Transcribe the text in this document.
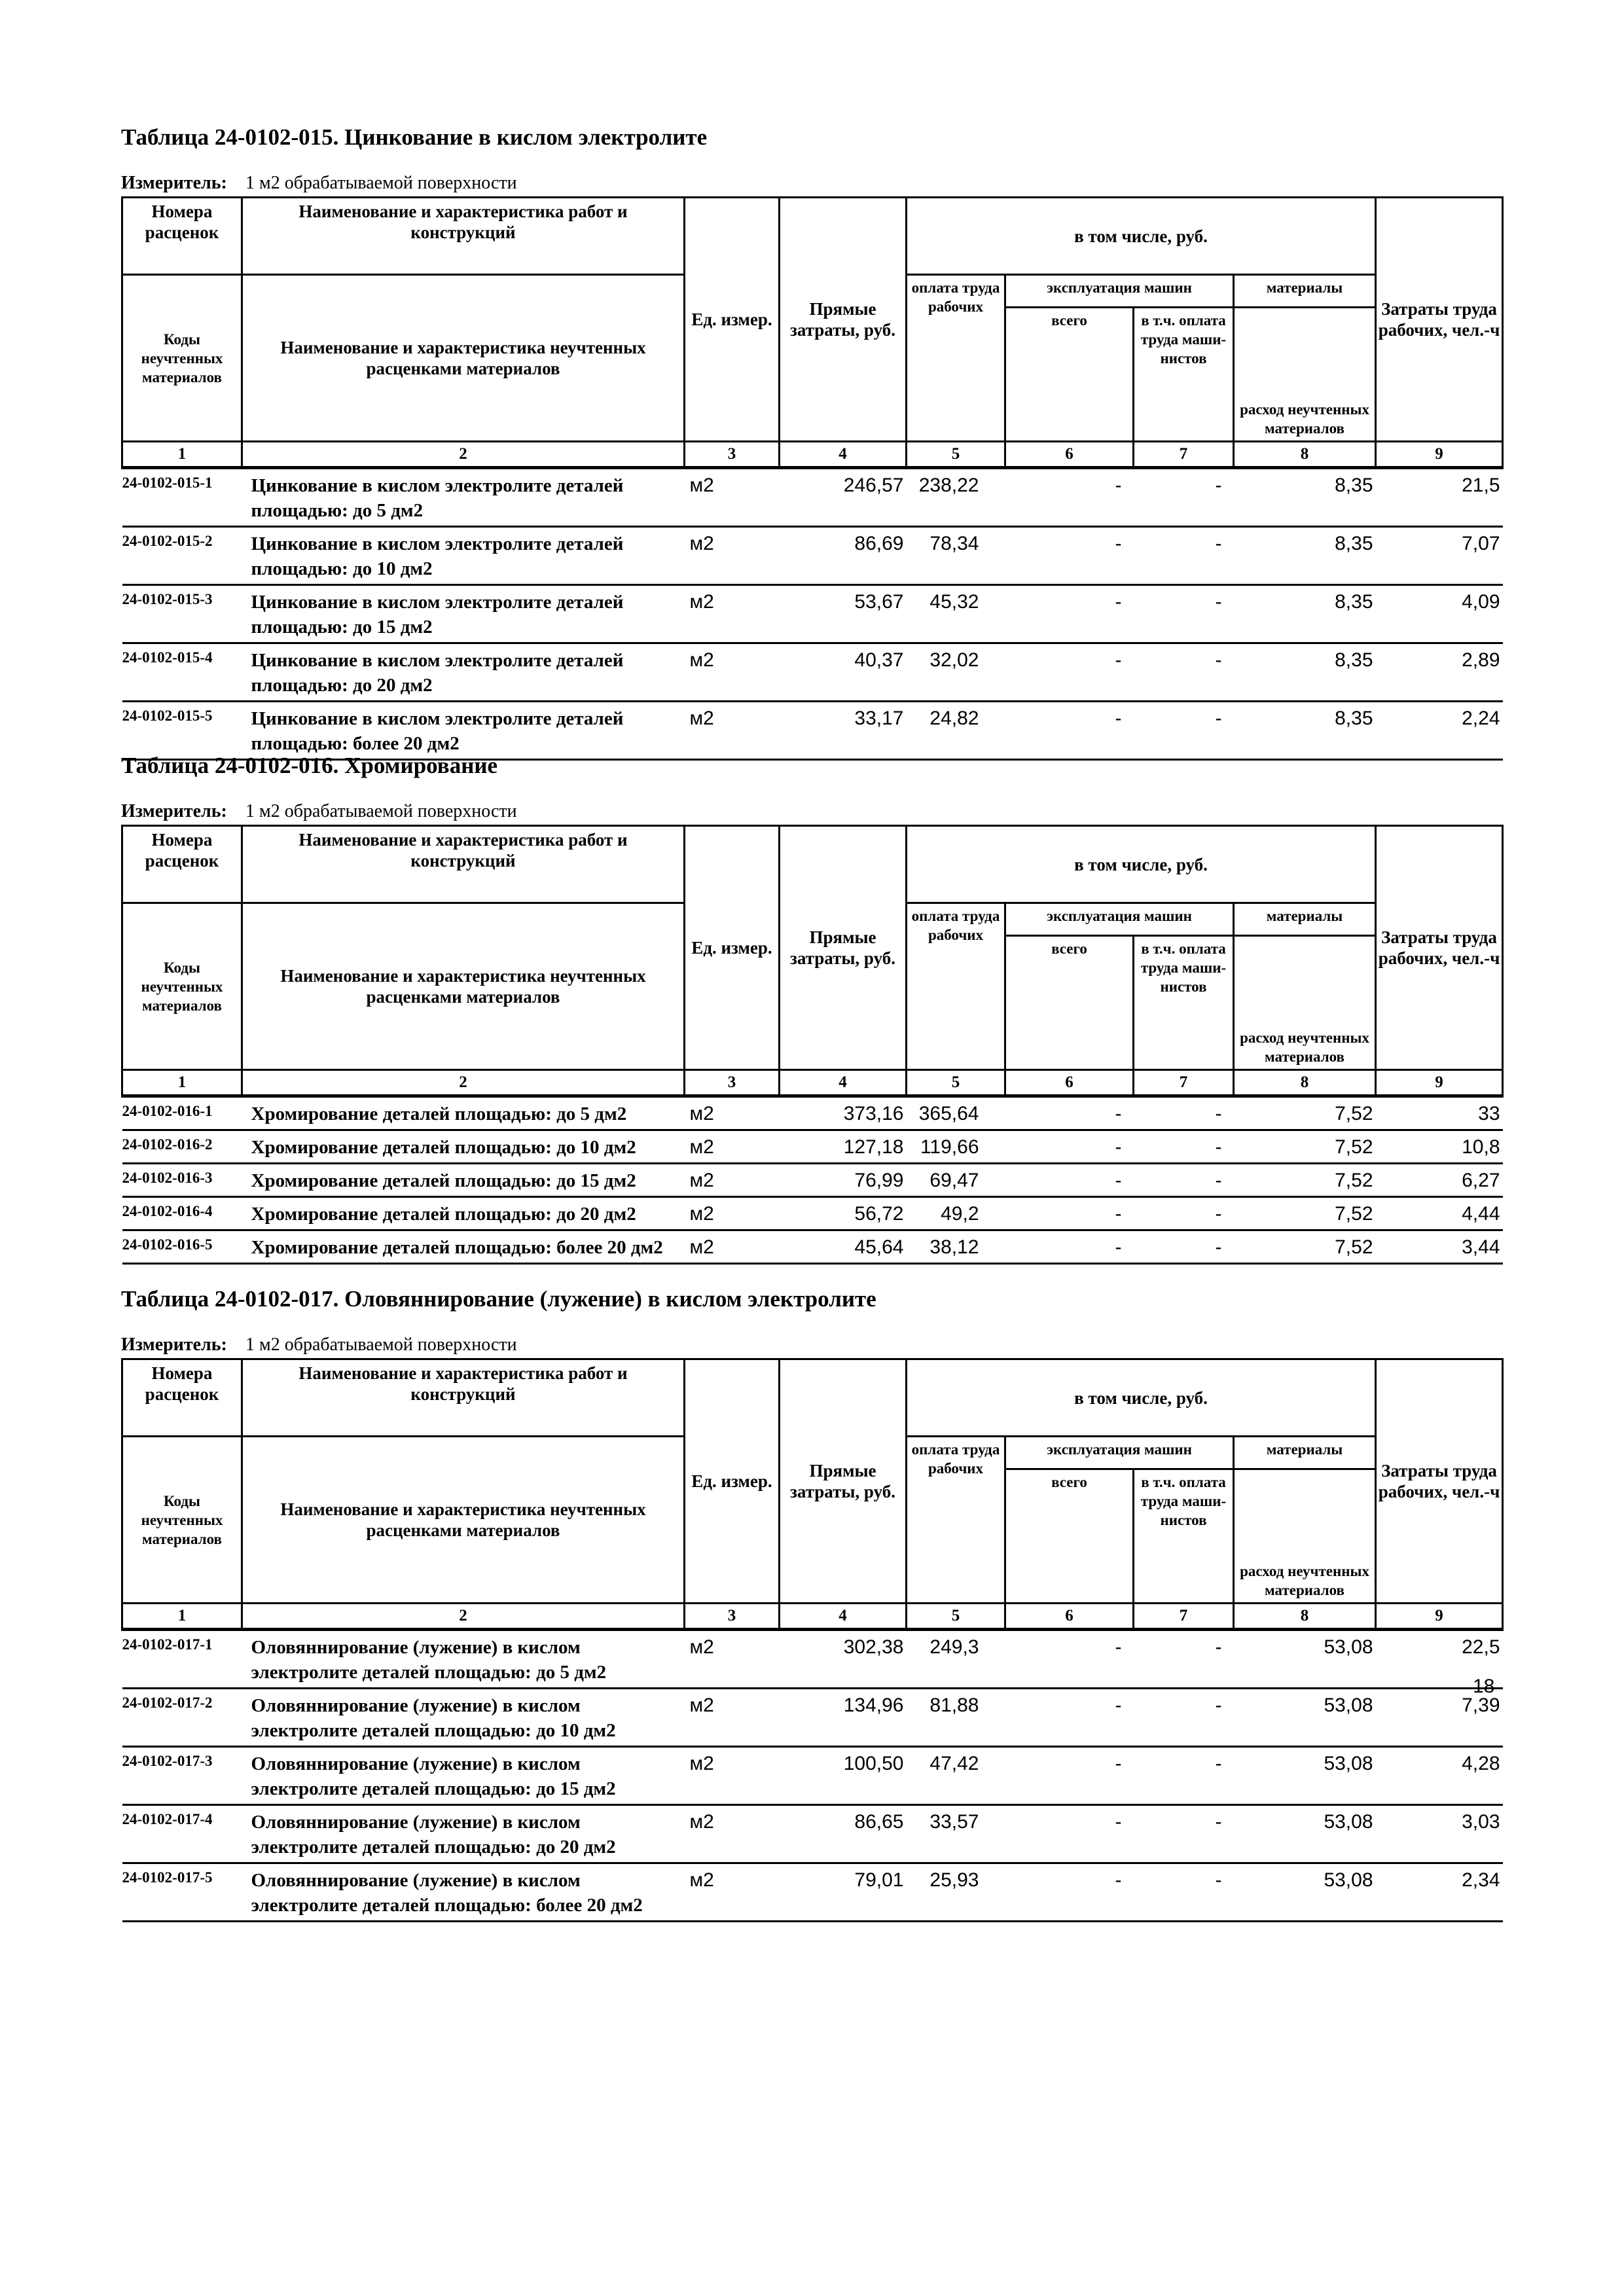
Таблица 24-0102-015. Цинкование в кислом электролите
Измеритель: 1 м2 обрабатываемой поверхности
Номера расценок	Наименование и характеристика работ и конструкций	Ед. измер.	Прямые затраты, руб.	в том числе, руб.				Затраты труда рабочих, чел.-ч
Коды неучтенных материалов	Наименование и характеристика неучтенных расценками материалов			оплата труда рабочих	эксплуатация машин		материалы	
					всего	в т.ч. оплата труда маши-нистов	расход неучтенных материалов	
1	2	3	4	5	6	7	8	9
24-0102-015-1	Цинкование в кислом электролите деталей площадью: до 5 дм2	м2	246,57	238,22	-	-	8,35	21,5
24-0102-015-2	Цинкование в кислом электролите деталей площадью: до 10 дм2	м2	86,69	78,34	-	-	8,35	7,07
24-0102-015-3	Цинкование в кислом электролите деталей площадью: до 15 дм2	м2	53,67	45,32	-	-	8,35	4,09
24-0102-015-4	Цинкование в кислом электролите деталей площадью: до 20 дм2	м2	40,37	32,02	-	-	8,35	2,89
24-0102-015-5	Цинкование в кислом электролите деталей площадью: более 20 дм2	м2	33,17	24,82	-	-	8,35	2,24
Таблица 24-0102-016. Хромирование
Измеритель: 1 м2 обрабатываемой поверхности
Номера расценок	Наименование и характеристика работ и конструкций	Ед. измер.	Прямые затраты, руб.	в том числе, руб.				Затраты труда рабочих, чел.-ч
Коды неучтенных материалов	Наименование и характеристика неучтенных расценками материалов			оплата труда рабочих	эксплуатация машин		материалы	
					всего	в т.ч. оплата труда маши-нистов	расход неучтенных материалов	
1	2	3	4	5	6	7	8	9
24-0102-016-1	Хромирование деталей площадью: до 5 дм2	м2	373,16	365,64	-	-	7,52	33
24-0102-016-2	Хромирование деталей площадью: до 10 дм2	м2	127,18	119,66	-	-	7,52	10,8
24-0102-016-3	Хромирование деталей площадью: до 15 дм2	м2	76,99	69,47	-	-	7,52	6,27
24-0102-016-4	Хромирование деталей площадью: до 20 дм2	м2	56,72	49,2	-	-	7,52	4,44
24-0102-016-5	Хромирование деталей площадью: более 20 дм2	м2	45,64	38,12	-	-	7,52	3,44
Таблица 24-0102-017. Оловяннирование (лужение) в кислом электролите
Измеритель: 1 м2 обрабатываемой поверхности
Номера расценок	Наименование и характеристика работ и конструкций	Ед. измер.	Прямые затраты, руб.	в том числе, руб.				Затраты труда рабочих, чел.-ч
Коды неучтенных материалов	Наименование и характеристика неучтенных расценками материалов			оплата труда рабочих	эксплуатация машин		материалы	
					всего	в т.ч. оплата труда маши-нистов	расход неучтенных материалов	
1	2	3	4	5	6	7	8	9
24-0102-017-1	Оловяннирование (лужение) в кислом электролите деталей площадью: до 5 дм2	м2	302,38	249,3	-	-	53,08	22,5
24-0102-017-2	Оловяннирование (лужение) в кислом электролите деталей площадью: до 10 дм2	м2	134,96	81,88	-	-	53,08	7,39
24-0102-017-3	Оловяннирование (лужение) в кислом электролите деталей площадью: до 15 дм2	м2	100,50	47,42	-	-	53,08	4,28
24-0102-017-4	Оловяннирование (лужение) в кислом электролите деталей площадью: до 20 дм2	м2	86,65	33,57	-	-	53,08	3,03
24-0102-017-5	Оловяннирование (лужение) в кислом электролите деталей площадью: более 20 дм2	м2	79,01	25,93	-	-	53,08	2,34
18
